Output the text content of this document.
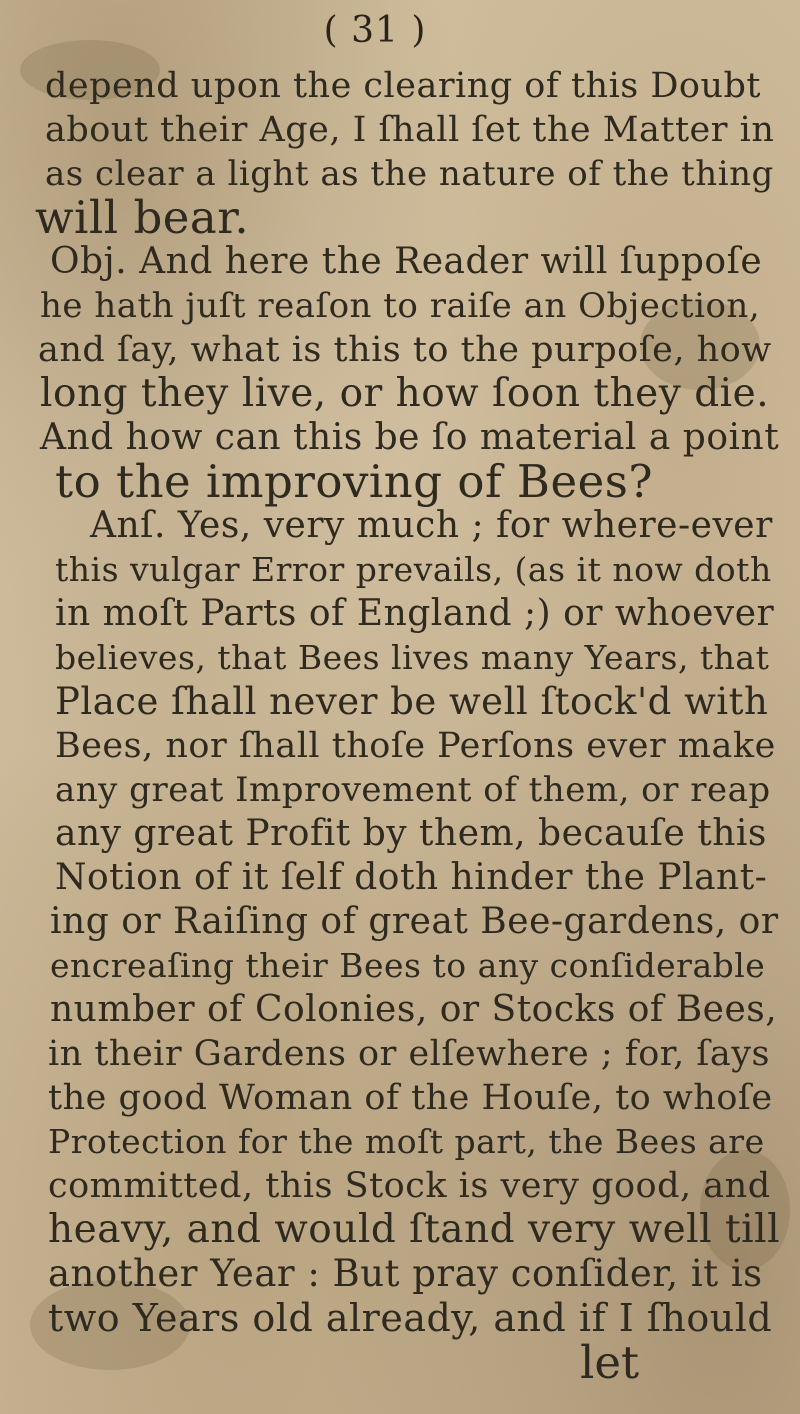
( 31 )
depend upon the clearing of this Doubt
about their Age, I ſhall ſet the Matter in
as clear a light as the nature of the thing
will bear.
Obj. And here the Reader will ſuppoſe
he hath juſt reaſon to raiſe an Objection,
and ſay, what is this to the purpoſe, how
long they live, or how ſoon they die.
And how can this be ſo material a point
to the improving of Bees?
Anſ. Yes, very much ; for where-ever
this vulgar Error prevails, (as it now doth
in moſt Parts of England ;) or whoever
believes, that Bees lives many Years, that
Place ſhall never be well ſtock'd with
Bees, nor ſhall thoſe Perſons ever make
any great Improvement of them, or reap
any great Profit by them, becauſe this
Notion of it ſelf doth hinder the Plant-
ing or Raiſing of great Bee-gardens, or
encreaſing their Bees to any conſiderable
number of Colonies, or Stocks of Bees,
in their Gardens or elſewhere ; for, ſays
the good Woman of the Houſe, to whoſe
Protection for the moſt part, the Bees are
committed, this Stock is very good, and
heavy, and would ſtand very well till
another Year : But pray conſider, it is
two Years old already, and if I ſhould
let
